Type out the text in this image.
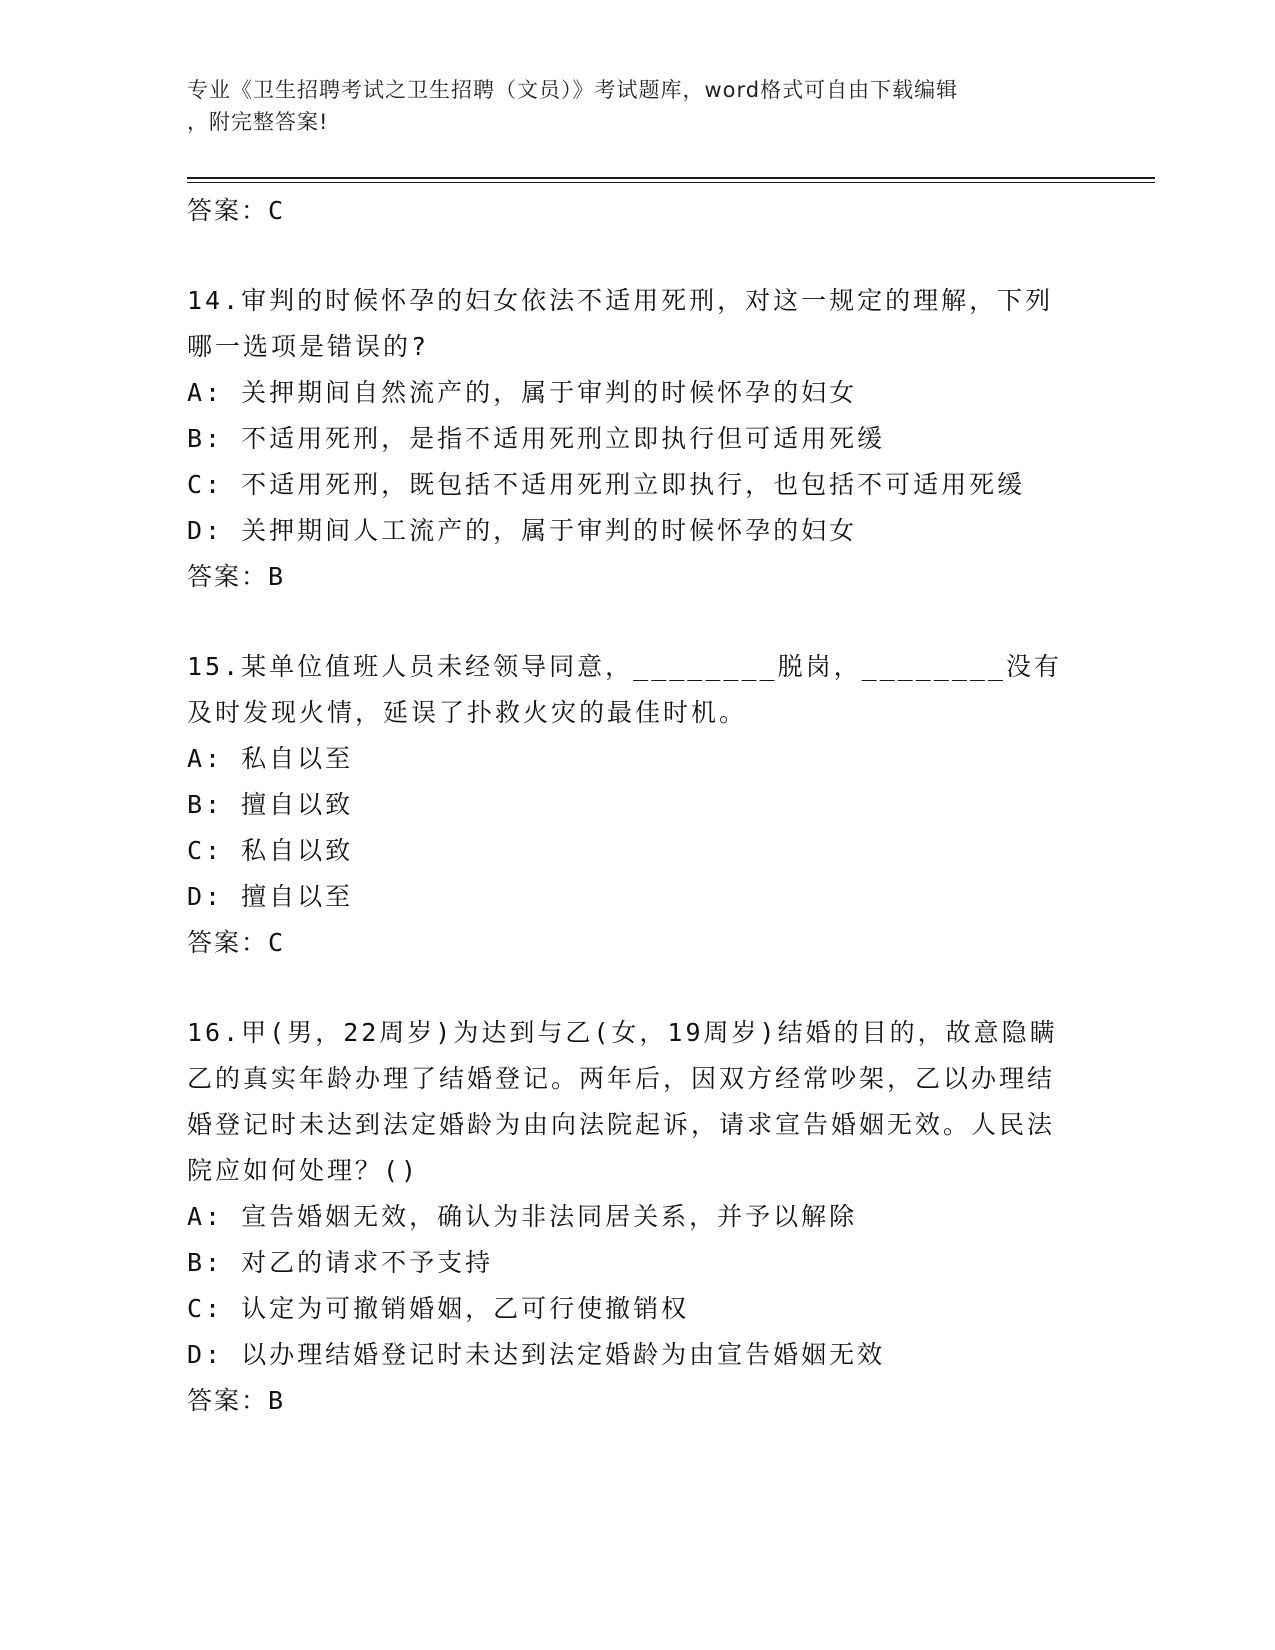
专业《卫生招聘考试之卫生招聘（文员）》考试题库，word格式可自由下载编辑
，附完整答案!
答案：C
14.审判的时候怀孕的妇女依法不适用死刑，对这一规定的理解，下列哪一选项是错误的?
A: 关押期间自然流产的，属于审判的时候怀孕的妇女
B: 不适用死刑，是指不适用死刑立即执行但可适用死缓
C: 不适用死刑，既包括不适用死刑立即执行，也包括不可适用死缓
D: 关押期间人工流产的，属于审判的时候怀孕的妇女
答案：B
15.某单位值班人员未经领导同意，________脱岗，________没有及时发现火情，延误了扑救火灾的最佳时机。
A: 私自以至
B: 擅自以致
C: 私自以致
D: 擅自以至
答案：C
16.甲(男，22周岁)为达到与乙(女，19周岁)结婚的目的，故意隐瞒乙的真实年龄办理了结婚登记。两年后，因双方经常吵架，乙以办理结婚登记时未达到法定婚龄为由向法院起诉，请求宣告婚姻无效。人民法院应如何处理？()
A: 宣告婚姻无效，确认为非法同居关系，并予以解除
B: 对乙的请求不予支持
C: 认定为可撤销婚姻，乙可行使撤销权
D: 以办理结婚登记时未达到法定婚龄为由宣告婚姻无效
答案：B
